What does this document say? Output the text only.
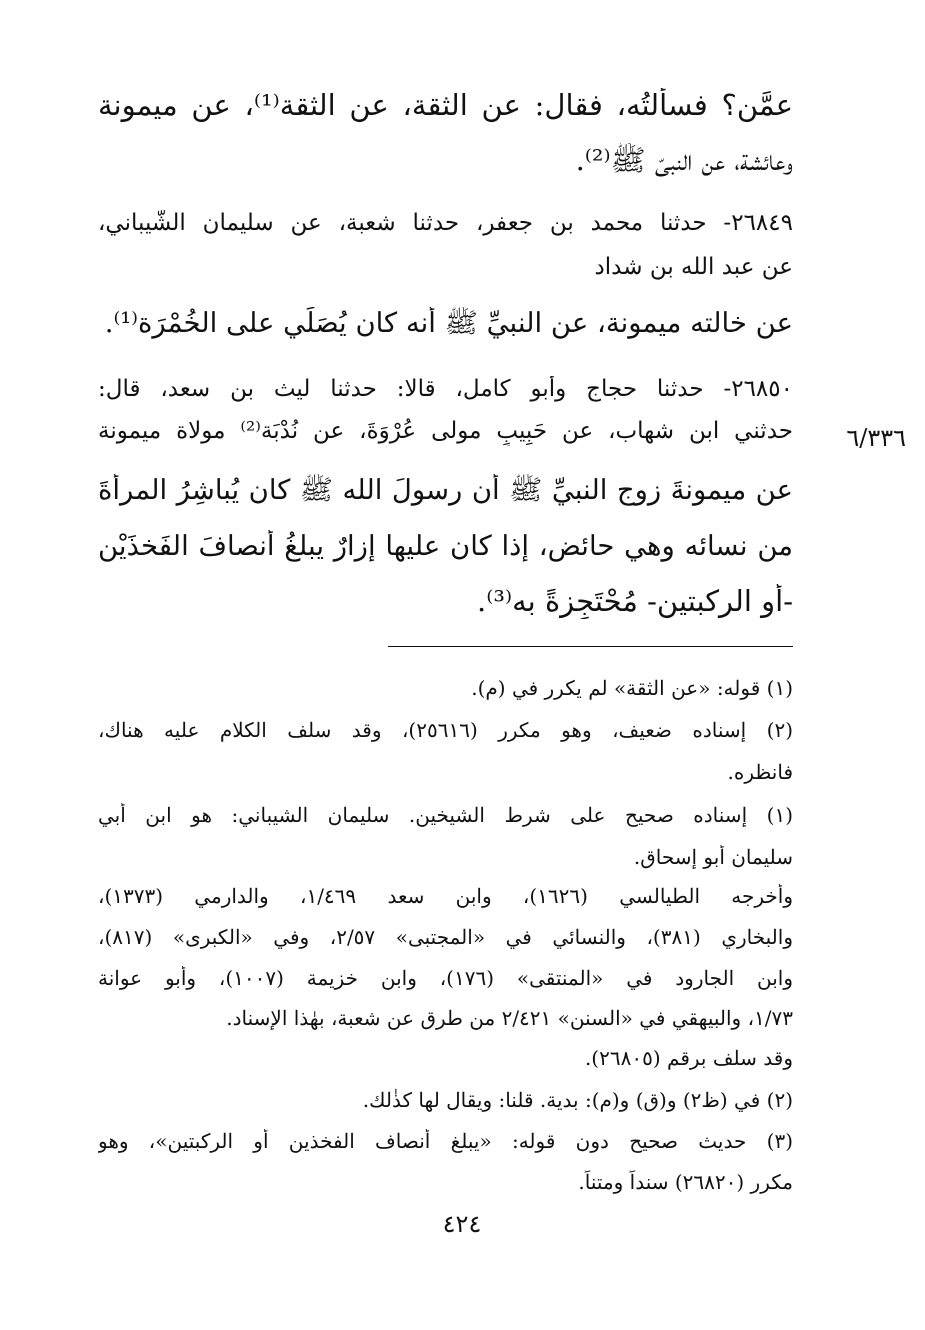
عمَّن؟ فسألتُه، فقال: عن الثقة، عن الثقة⁽¹⁾، عن ميمونة
وعائشة، عن النبيّ ﷺ⁽²⁾.
٢٦٨٤٩- حدثنا محمد بن جعفر، حدثنا شعبة، عن سليمان الشَّيباني،
عن عبد الله بن شداد
عن خالته ميمونة، عن النبيِّ ﷺ أنه كان يُصَلِّي على الخُمْرَة⁽¹⁾.
٢٦٨٥٠- حدثنا حجاج وأبو كامل، قالا: حدثنا ليث بن سعد، قال:
حدثني ابن شهاب، عن حَبِيبٍ مولى عُرْوَةَ، عن نُدْبَة⁽²⁾ مولاة ميمونة	٦/٣٣٦
عن ميمونةَ زوجِ النبيِّ ﷺ أن رسولَ الله ﷺ كان يُباشِرُ المرأةَ
من نسائه وهي حائض، إذا كان عليها إزارٌ يبلغُ أنصافَ الفَخذَيْنِ
-أو الركبتين- مُحْتَجِزةً به⁽³⁾.
(١) قوله: «عن الثقة» لم يكرر في (م).
(٢) إسناده ضعيف، وهو مكرر (٢٥٦١٦)، وقد سلف الكلام عليه هناك،
فانظره.
(١) إسناده صحيح على شرط الشيخين. سليمان الشيباني: هو ابن أبي
سليمان أبو إسحاق.
وأخرجه الطيالسي (١٦٢٦)، وابن سعد ١/٤٦٩، والدارمي (١٣٧٣)،
والبخاري (٣٨١)، والنسائي في «المجتبى» ٢/٥٧، وفي «الكبرى» (٨١٧)،
وابن الجارود في «المنتقى» (١٧٦)، وابن خزيمة (١٠٠٧)، وأبو عوانة
١/٧٣، والبيهقي في «السنن» ٢/٤٢١ من طرق عن شعبة، بهٰذا الإسناد.
وقد سلف برقم (٢٦٨٠٥).
(٢) في (ظ٢) و(ق) و(م): بدية. قلنا: ويقال لها كذٰلك.
(٣) حديث صحيح دون قوله: «يبلغ أنصاف الفخذين أو الركبتين»، وهو
مكرر (٢٦٨٢٠) سنداً ومتناً.
٤٢٤
